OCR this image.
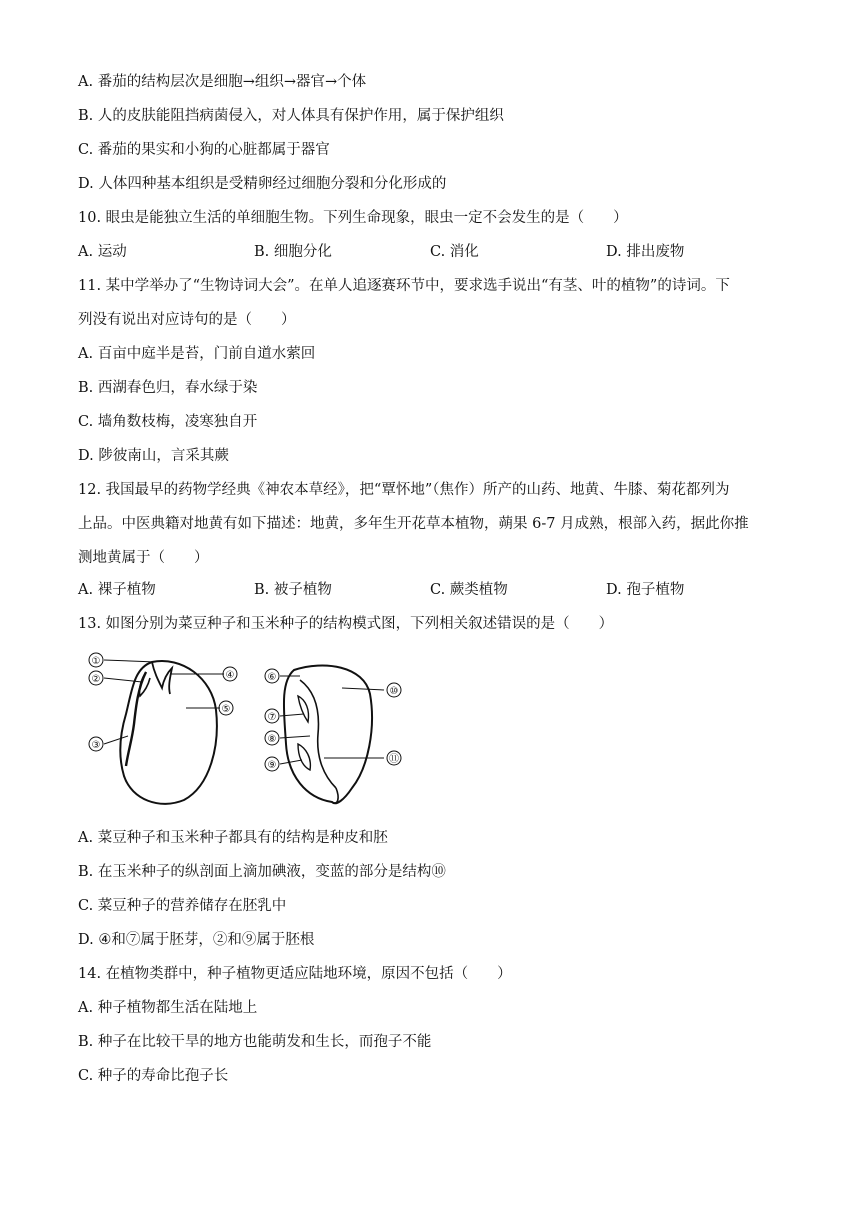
A. 番茄的结构层次是细胞→组织→器官→个体
B. 人的皮肤能阻挡病菌侵入，对人体具有保护作用，属于保护组织
C. 番茄的果实和小狗的心脏都属于器官
D. 人体四种基本组织是受精卵经过细胞分裂和分化形成的
10. 眼虫是能独立生活的单细胞生物。下列生命现象，眼虫一定不会发生的是（　　）
A. 运动	B. 细胞分化	C. 消化	D. 排出废物
11. 某中学举办了“生物诗词大会”。在单人追逐赛环节中，要求选手说出“有茎、叶的植物”的诗词。下
列没有说出对应诗句的是（　　）
A. 百亩中庭半是苔，门前自道水萦回
B. 西湖春色归，春水绿于染
C. 墙角数枝梅，凌寒独自开
D. 陟彼南山，言采其蕨
12. 我国最早的药物学经典《神农本草经》，把“覃怀地”（焦作）所产的山药、地黄、牛膝、菊花都列为
上品。中医典籍对地黄有如下描述：地黄，多年生开花草本植物，蒴果 6-7 月成熟，根部入药，据此你推
测地黄属于（　　）
A. 裸子植物	B. 被子植物	C. 蕨类植物	D. 孢子植物
13. 如图分别为菜豆种子和玉米种子的结构模式图，下列相关叙述错误的是（　　）
①
②
③
④
⑤
⑥
⑩
⑦
⑧
⑨
⑪
A. 菜豆种子和玉米种子都具有的结构是种皮和胚
B. 在玉米种子的纵剖面上滴加碘液，变蓝的部分是结构⑩
C. 菜豆种子的营养储存在胚乳中
D. ④和⑦属于胚芽，②和⑨属于胚根
14. 在植物类群中，种子植物更适应陆地环境，原因不包括（　　）
A. 种子植物都生活在陆地上
B. 种子在比较干旱的地方也能萌发和生长，而孢子不能
C. 种子的寿命比孢子长
